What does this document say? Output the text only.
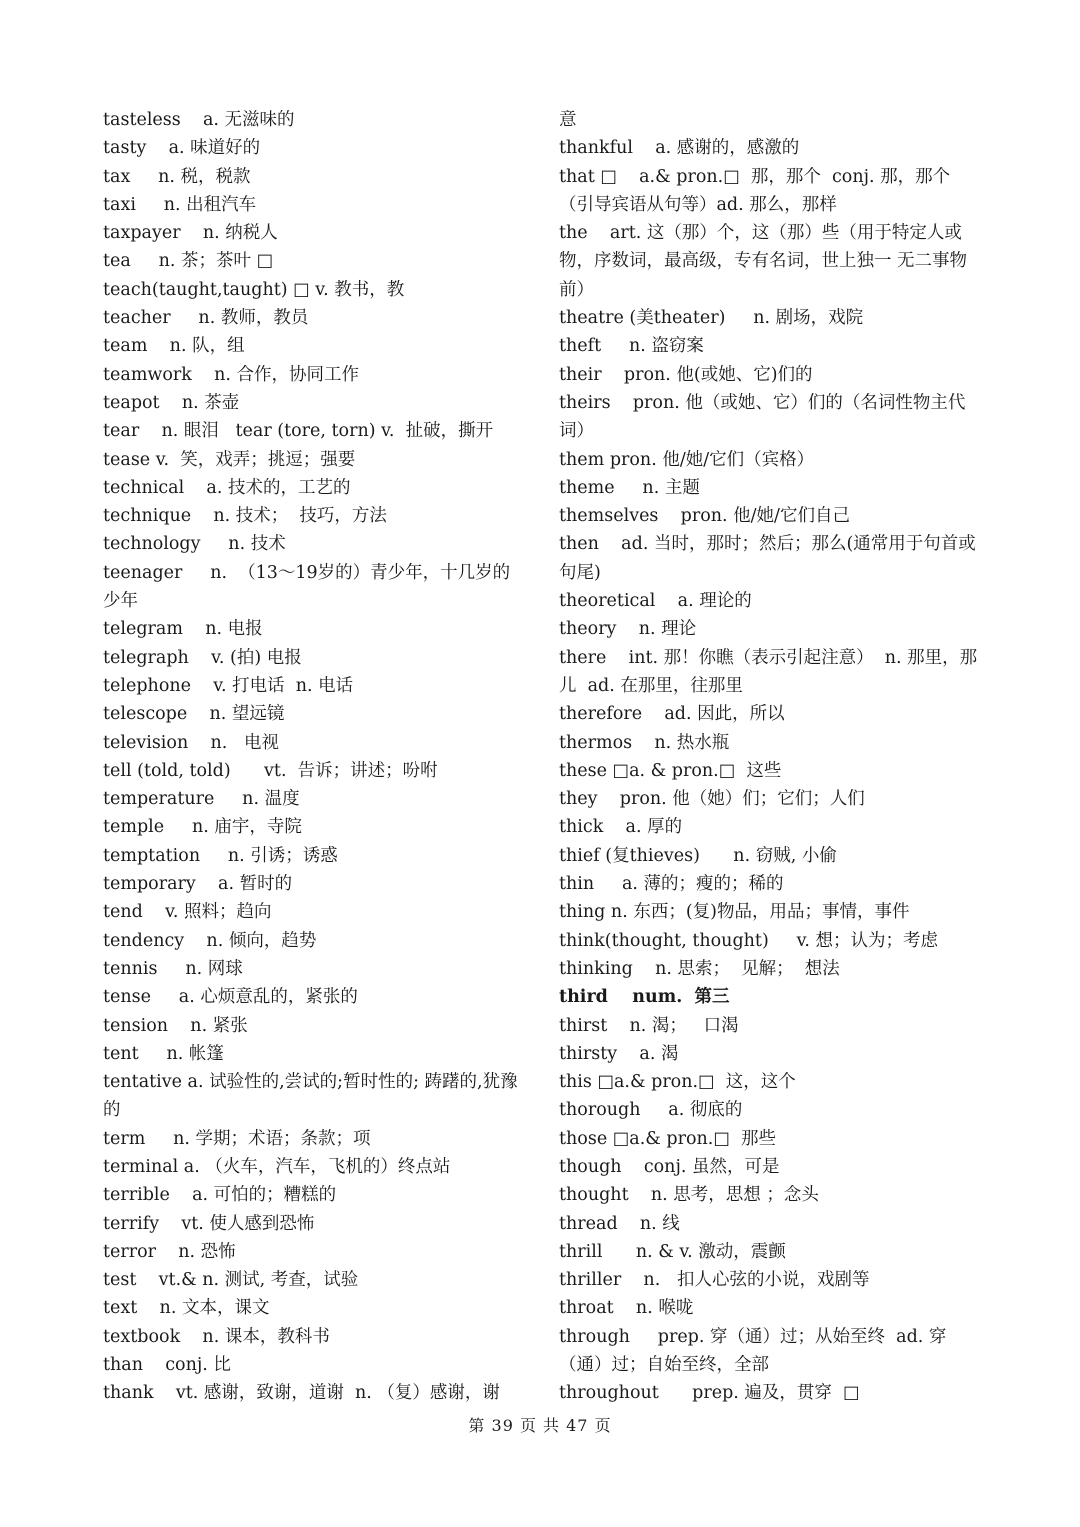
tasteless    a. 无滋味的
tasty    a. 味道好的
tax     n. 税，税款
taxi     n. 出租汽车
taxpayer    n. 纳税人
tea     n. 茶；茶叶 □
teach(taught,taught) □ v. 教书，教
teacher     n. 教师，教员
team    n. 队，组
teamwork    n. 合作，协同工作
teapot    n. 茶壶
tear    n. 眼泪   tear (tore, torn) v.  扯破，撕开
tease v.  笑，戏弄；挑逗；强要
technical    a. 技术的，工艺的
technique    n. 技术；  技巧，方法
technology     n. 技术
teenager     n.  （13～19岁的）青少年，十几岁的少年
telegram    n. 电报
telegraph    v. (拍) 电报
telephone    v. 打电话  n. 电话
telescope    n. 望远镜
television    n.   电视
tell (told, told)      vt.  告诉；讲述；吩咐
temperature     n. 温度
temple     n. 庙宇，寺院
temptation     n. 引诱；诱惑
temporary    a. 暂时的
tend    v. 照料；趋向
tendency    n. 倾向，趋势
tennis     n. 网球
tense     a. 心烦意乱的，紧张的
tension    n. 紧张
tent     n. 帐篷
tentative a. 试验性的,尝试的;暂时性的; 踌躇的,犹豫的
term     n. 学期；术语；条款；项
terminal a. （火车，汽车，飞机的）终点站
terrible    a. 可怕的；糟糕的
terrify    vt. 使人感到恐怖
terror    n. 恐怖
test    vt.& n. 测试, 考查，试验
text    n. 文本，课文
textbook    n. 课本，教科书
than    conj. 比
thank    vt. 感谢，致谢，道谢  n. （复）感谢，谢
意
thankful    a. 感谢的，感激的
that □    a.& pron.□  那，那个  conj. 那，那个（引导宾语从句等）ad. 那么，那样
the    art. 这（那）个，这（那）些（用于特定人或物，序数词，最高级，专有名词，世上独一 无二事物前）
theatre (美theater)     n. 剧场，戏院
theft     n. 盗窃案
their    pron. 他(或她、它)们的
theirs    pron. 他（或她、它）们的（名词性物主代词）
them pron. 他/她/它们（宾格）
theme     n. 主题
themselves    pron. 他/她/它们自己
then    ad. 当时，那时；然后；那么(通常用于句首或句尾)
theoretical    a. 理论的
theory    n. 理论
there    int. 那！你瞧（表示引起注意）  n. 那里，那儿  ad. 在那里，往那里
therefore    ad. 因此，所以
thermos    n. 热水瓶
these □a. & pron.□  这些
they    pron. 他（她）们；它们；人们
thick    a. 厚的
thief (复thieves)      n. 窃贼, 小偷
thin     a. 薄的；瘦的；稀的
thing n. 东西；(复)物品，用品；事情，事件
think(thought, thought)     v. 想；认为；考虑
thinking    n. 思索；  见解；  想法
third    num.  第三
thirst    n. 渴；   口渴
thirsty    a. 渴
this □a.& pron.□  这，这个
thorough     a. 彻底的
those □a.& pron.□  那些
though    conj. 虽然，可是
thought    n. 思考，思想 ；念头
thread    n. 线
thrill      n. & v. 激动，震颤
thriller    n.   扣人心弦的小说，戏剧等
throat    n. 喉咙
through     prep. 穿（通）过；从始至终  ad. 穿（通）过；自始至终，全部
throughout      prep. 遍及，贯穿  □
第 39 页 共 47 页
